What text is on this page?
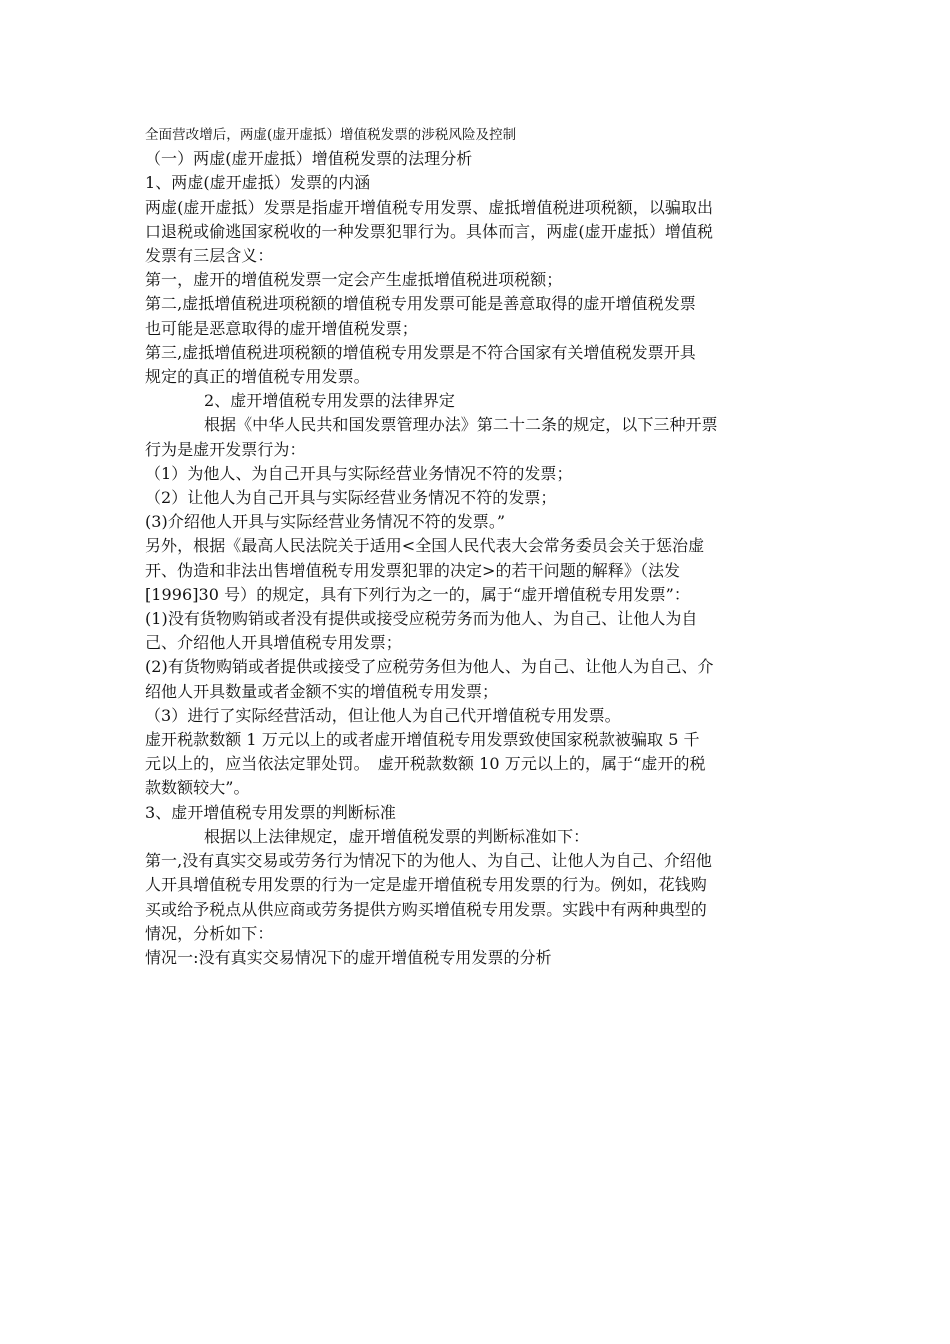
全面营改增后，两虚(虚开虚抵）增值税发票的涉税风险及控制
（一）两虚(虚开虚抵）增值税发票的法理分析
1、两虚(虚开虚抵）发票的内涵
两虚(虚开虚抵）发票是指虚开增值税专用发票、虚抵增值税进项税额，以骗取出
口退税或偷逃国家税收的一种发票犯罪行为。具体而言，两虚(虚开虚抵）增值税
发票有三层含义：
第一，虚开的增值税发票一定会产生虚抵增值税进项税额；
第二,虚抵增值税进项税额的增值税专用发票可能是善意取得的虚开增值税发票
也可能是恶意取得的虚开增值税发票；
第三,虚抵增值税进项税额的增值税专用发票是不符合国家有关增值税发票开具
规定的真正的增值税专用发票。
2、虚开增值税专用发票的法律界定
根据《中华人民共和国发票管理办法》第二十二条的规定，以下三种开票
行为是虚开发票行为：
（1）为他人、为自己开具与实际经营业务情况不符的发票；
（2）让他人为自己开具与实际经营业务情况不符的发票；
(3)介绍他人开具与实际经营业务情况不符的发票。”
另外，根据《最高人民法院关于适用<全国人民代表大会常务委员会关于惩治虚
开、伪造和非法出售增值税专用发票犯罪的决定>的若干问题的解释》（法发
[1996]30 号）的规定，具有下列行为之一的，属于“虚开增值税专用发票”：
(1)没有货物购销或者没有提供或接受应税劳务而为他人、为自己、让他人为自
己、介绍他人开具增值税专用发票；
(2)有货物购销或者提供或接受了应税劳务但为他人、为自己、让他人为自己、介
绍他人开具数量或者金额不实的增值税专用发票；
（3）进行了实际经营活动，但让他人为自己代开增值税专用发票。
虚开税款数额 1 万元以上的或者虚开增值税专用发票致使国家税款被骗取 5 千
元以上的，应当依法定罪处罚。　虚开税款数额 10 万元以上的，属于“虚开的税
款数额较大”。
3、虚开增值税专用发票的判断标准
根据以上法律规定，虚开增值税发票的判断标准如下：
第一,没有真实交易或劳务行为情况下的为他人、为自己、让他人为自己、介绍他
人开具增值税专用发票的行为一定是虚开增值税专用发票的行为。例如，花钱购
买或给予税点从供应商或劳务提供方购买增值税专用发票。实践中有两种典型的
情况，分析如下：
情况一:没有真实交易情况下的虚开增值税专用发票的分析
